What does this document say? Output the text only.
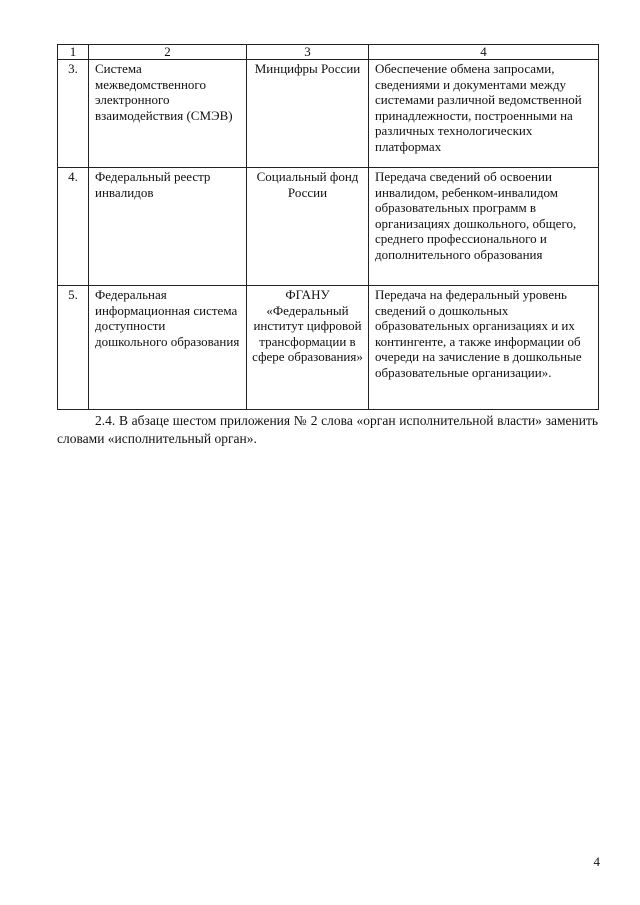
1	2	3	4
3.	Система межведомственного электронного взаимодействия (СМЭВ)	Минцифры России	Обеспечение обмена запросами, сведениями и документами между системами различной ведомственной принадлежности, построенными на различных технологических платформах
4.	Федеральный реестр инвалидов	Социальный фонд России	Передача сведений об освоении инвалидом, ребенком-инвалидом образовательных программ в организациях дошкольного, общего, среднего профессионального и дополнительного образования
5.	Федеральная информационная система доступности дошкольного образования	ФГАНУ «Федеральный институт цифровой трансформации в сфере образования»	Передача на федеральный уровень сведений о дошкольных образовательных организациях и их контингенте, а также информации об очереди на зачисление в дошкольные образовательные организации».

2.4. В абзаце шестом приложения № 2 слова «орган исполнительной власти» заменить словами «исполнительный орган».

4
